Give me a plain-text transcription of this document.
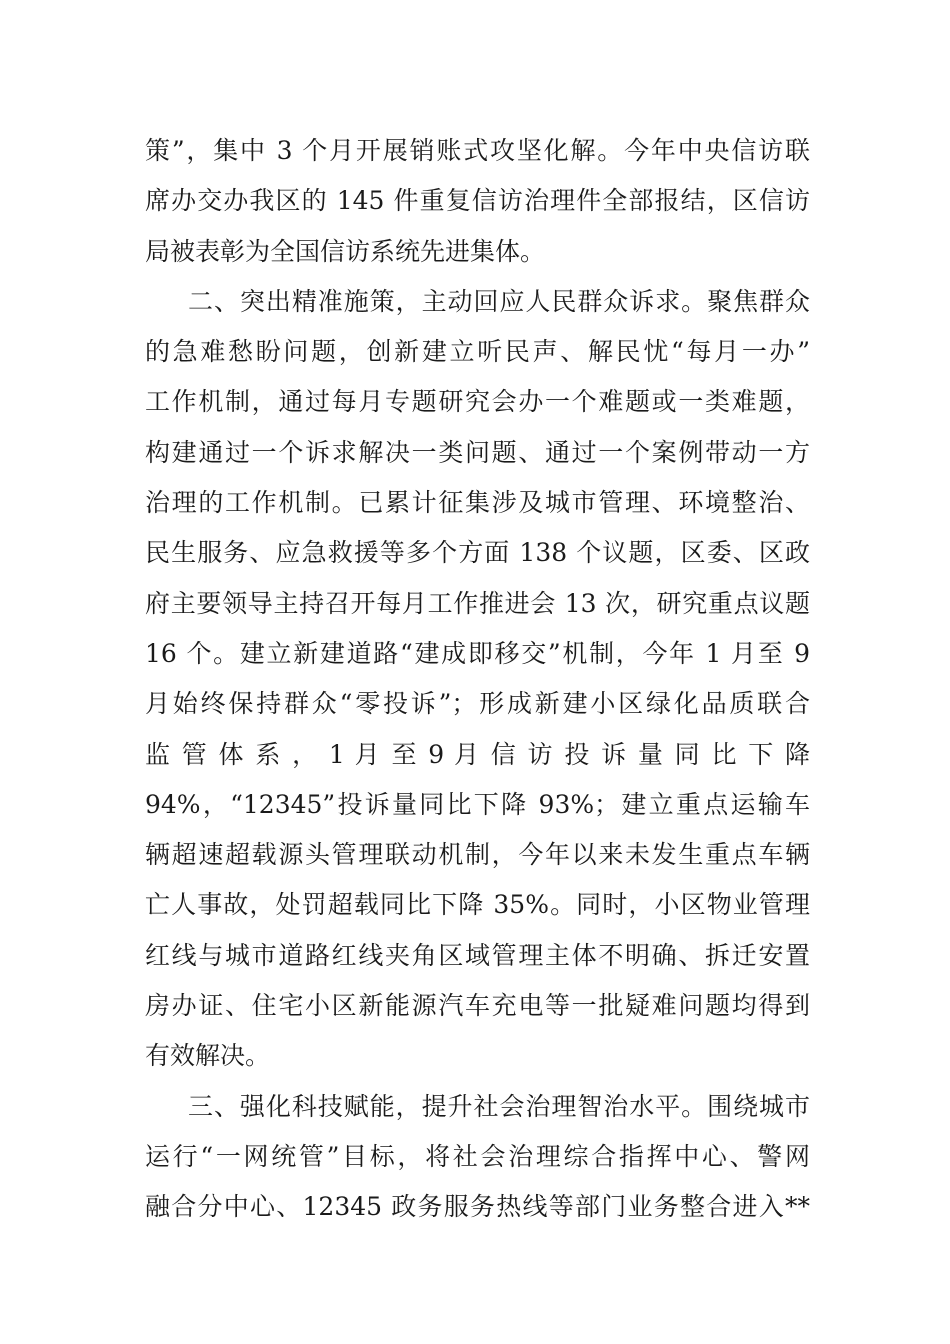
策”，集中 3 个月开展销账式攻坚化解。今年中央信访联
席办交办我区的 145 件重复信访治理件全部报结，区信访
局被表彰为全国信访系统先进集体。
二、突出精准施策，主动回应人民群众诉求。聚焦群众
的急难愁盼问题，创新建立听民声、解民忧“每月一办”
工作机制，通过每月专题研究会办一个难题或一类难题，
构建通过一个诉求解决一类问题、通过一个案例带动一方
治理的工作机制。已累计征集涉及城市管理、环境整治、
民生服务、应急救援等多个方面 138 个议题，区委、区政
府主要领导主持召开每月工作推进会 13 次，研究重点议题
16 个。建立新建道路“建成即移交”机制，今年 1 月至 9
月始终保持群众“零投诉”；形成新建小区绿化品质联合
监 管 体 系 ， 1 月 至 9 月 信 访 投 诉 量 同 比 下 降
94%，“12345”投诉量同比下降 93%；建立重点运输车
辆超速超载源头管理联动机制，今年以来未发生重点车辆
亡人事故，处罚超载同比下降 35%。同时，小区物业管理
红线与城市道路红线夹角区域管理主体不明确、拆迁安置
房办证、住宅小区新能源汽车充电等一批疑难问题均得到
有效解决。
三、强化科技赋能，提升社会治理智治水平。围绕城市
运行“一网统管”目标，将社会治理综合指挥中心、警网
融合分中心、12345 政务服务热线等部门业务整合进入**
